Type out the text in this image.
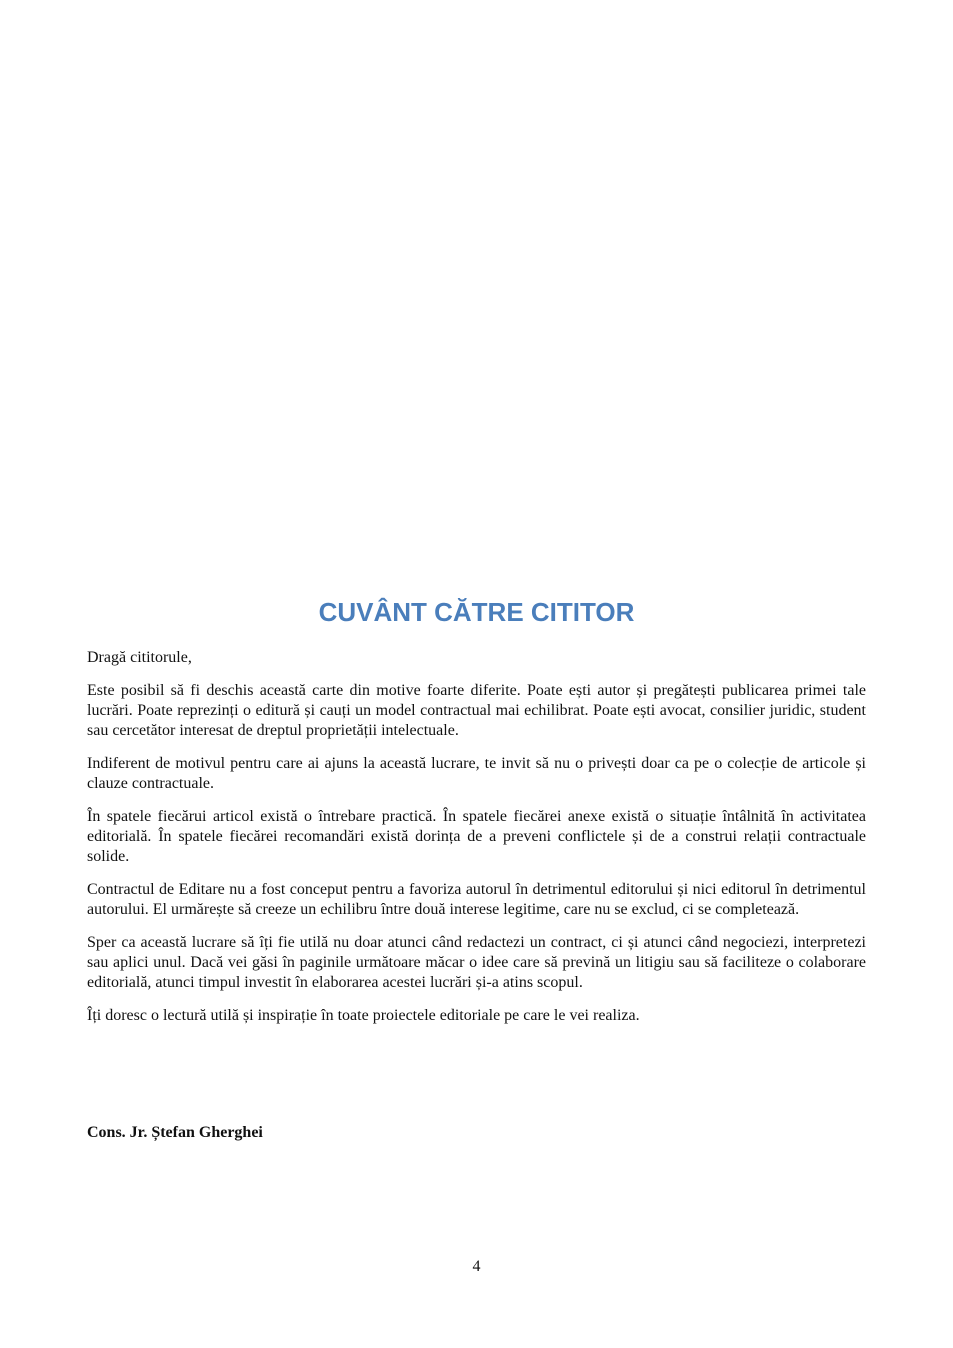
CUVÂNT CĂTRE CITITOR

Dragă cititorule,

Este posibil să fi deschis această carte din motive foarte diferite. Poate ești autor și pregătești publicarea primei tale lucrări. Poate reprezinți o editură și cauți un model contractual mai echilibrat. Poate ești avocat, consilier juridic, student sau cercetător interesat de dreptul proprietății intelectuale.

Indiferent de motivul pentru care ai ajuns la această lucrare, te invit să nu o privești doar ca pe o colecție de articole și clauze contractuale.

În spatele fiecărui articol există o întrebare practică. În spatele fiecărei anexe există o situație întâlnită în activitatea editorială. În spatele fiecărei recomandări există dorința de a preveni conflictele și de a construi relații contractuale solide.

Contractul de Editare nu a fost conceput pentru a favoriza autorul în detrimentul editorului și nici editorul în detrimentul autorului. El urmărește să creeze un echilibru între două interese legitime, care nu se exclud, ci se completează.

Sper ca această lucrare să îți fie utilă nu doar atunci când redactezi un contract, ci și atunci când negociezi, interpretezi sau aplici unul. Dacă vei găsi în paginile următoare măcar o idee care să prevină un litigiu sau să faciliteze o colaborare editorială, atunci timpul investit în elaborarea acestei lucrări și-a atins scopul.

Îți doresc o lectură utilă și inspirație în toate proiectele editoriale pe care le vei realiza.

Cons. Jr. Ștefan Gherghei
4
